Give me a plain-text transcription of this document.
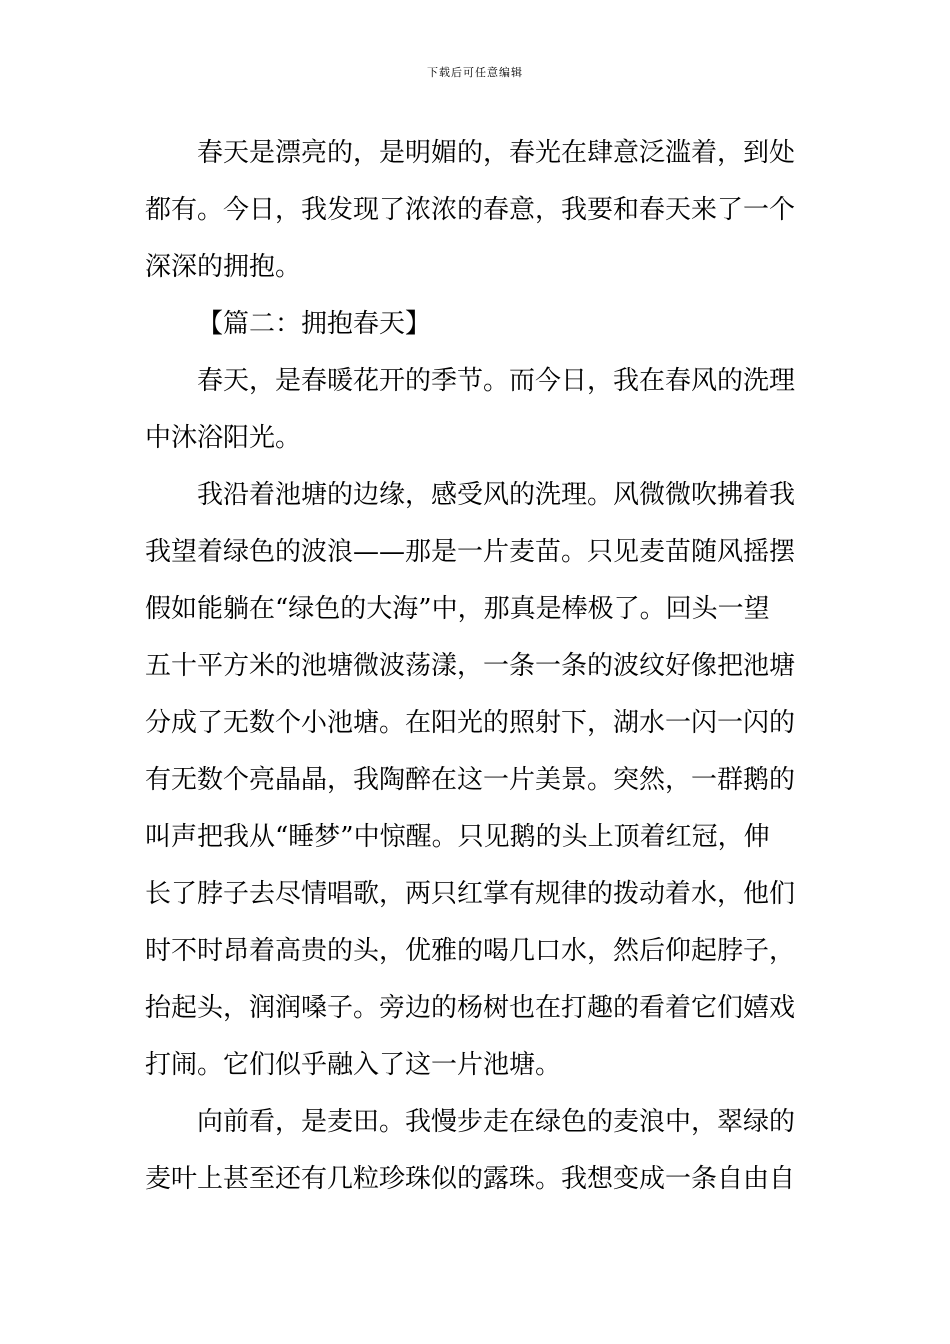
下载后可任意编辑
春天是漂亮的，是明媚的，春光在肆意泛滥着，到处
都有。今日，我发现了浓浓的春意，我要和春天来了一个
深深的拥抱。
【篇二：拥抱春天】
春天，是春暖花开的季节。而今日，我在春风的洗理
中沐浴阳光。
我沿着池塘的边缘，感受风的洗理。风微微吹拂着我
我望着绿色的波浪——那是一片麦苗。只见麦苗随风摇摆
假如能躺在“绿色的大海”中，那真是棒极了。回头一望
五十平方米的池塘微波荡漾，一条一条的波纹好像把池塘
分成了无数个小池塘。在阳光的照射下，湖水一闪一闪的
有无数个亮晶晶，我陶醉在这一片美景。突然，一群鹅的
叫声把我从“睡梦”中惊醒。只见鹅的头上顶着红冠，伸
长了脖子去尽情唱歌，两只红掌有规律的拨动着水，他们
时不时昂着高贵的头，优雅的喝几口水，然后仰起脖子，
抬起头，润润嗓子。旁边的杨树也在打趣的看着它们嬉戏
打闹。它们似乎融入了这一片池塘。
向前看，是麦田。我慢步走在绿色的麦浪中，翠绿的
麦叶上甚至还有几粒珍珠似的露珠。我想变成一条自由自
